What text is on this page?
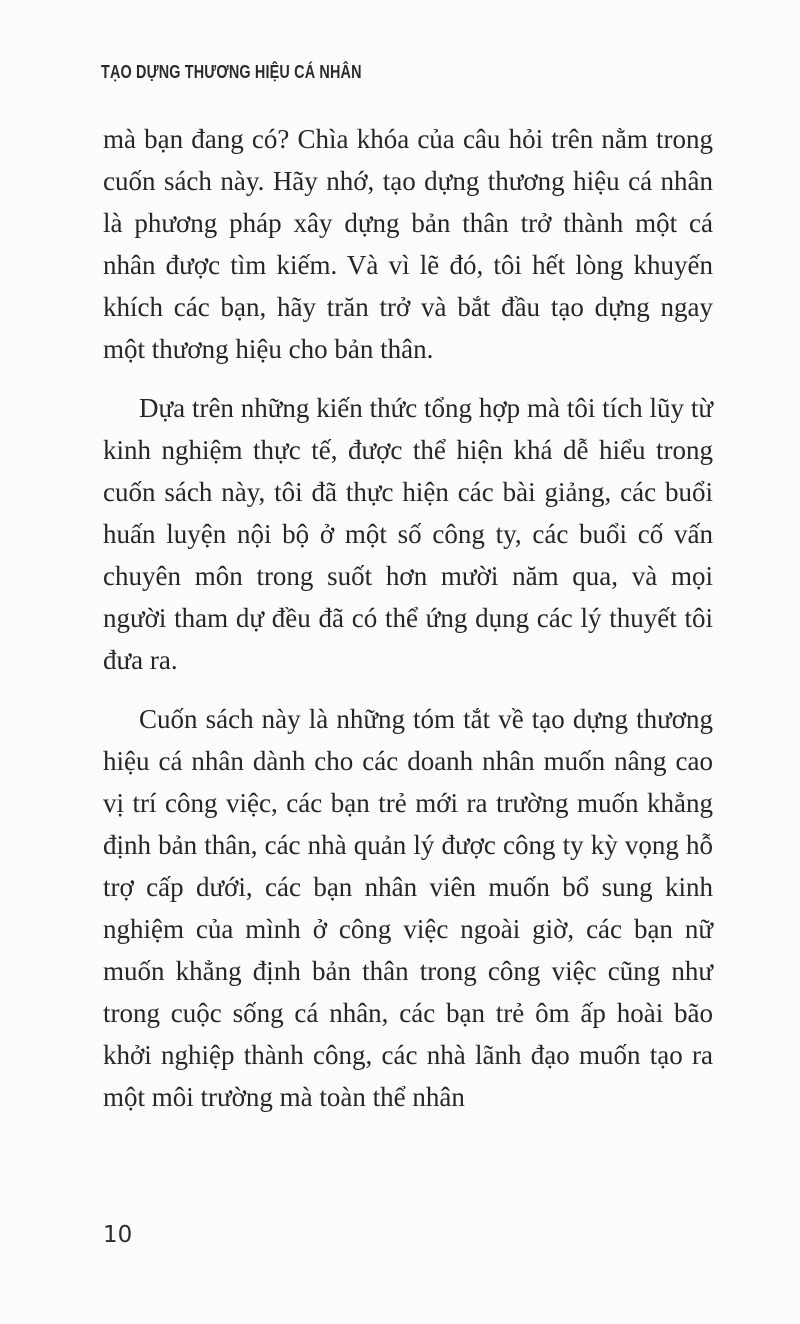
TẠO DỰNG THƯƠNG HIỆU CÁ NHÂN

mà bạn đang có? Chìa khóa của câu hỏi trên nằm trong cuốn sách này. Hãy nhớ, tạo dựng thương hiệu cá nhân là phương pháp xây dựng bản thân trở thành một cá nhân được tìm kiếm. Và vì lẽ đó, tôi hết lòng khuyến khích các bạn, hãy trăn trở và bắt đầu tạo dựng ngay một thương hiệu cho bản thân.

Dựa trên những kiến thức tổng hợp mà tôi tích lũy từ kinh nghiệm thực tế, được thể hiện khá dễ hiểu trong cuốn sách này, tôi đã thực hiện các bài giảng, các buổi huấn luyện nội bộ ở một số công ty, các buổi cố vấn chuyên môn trong suốt hơn mười năm qua, và mọi người tham dự đều đã có thể ứng dụng các lý thuyết tôi đưa ra.

Cuốn sách này là những tóm tắt về tạo dựng thương hiệu cá nhân dành cho các doanh nhân muốn nâng cao vị trí công việc, các bạn trẻ mới ra trường muốn khẳng định bản thân, các nhà quản lý được công ty kỳ vọng hỗ trợ cấp dưới, các bạn nhân viên muốn bổ sung kinh nghiệm của mình ở công việc ngoài giờ, các bạn nữ muốn khẳng định bản thân trong công việc cũng như trong cuộc sống cá nhân, các bạn trẻ ôm ấp hoài bão khởi nghiệp thành công, các nhà lãnh đạo muốn tạo ra một môi trường mà toàn thể nhân

10
